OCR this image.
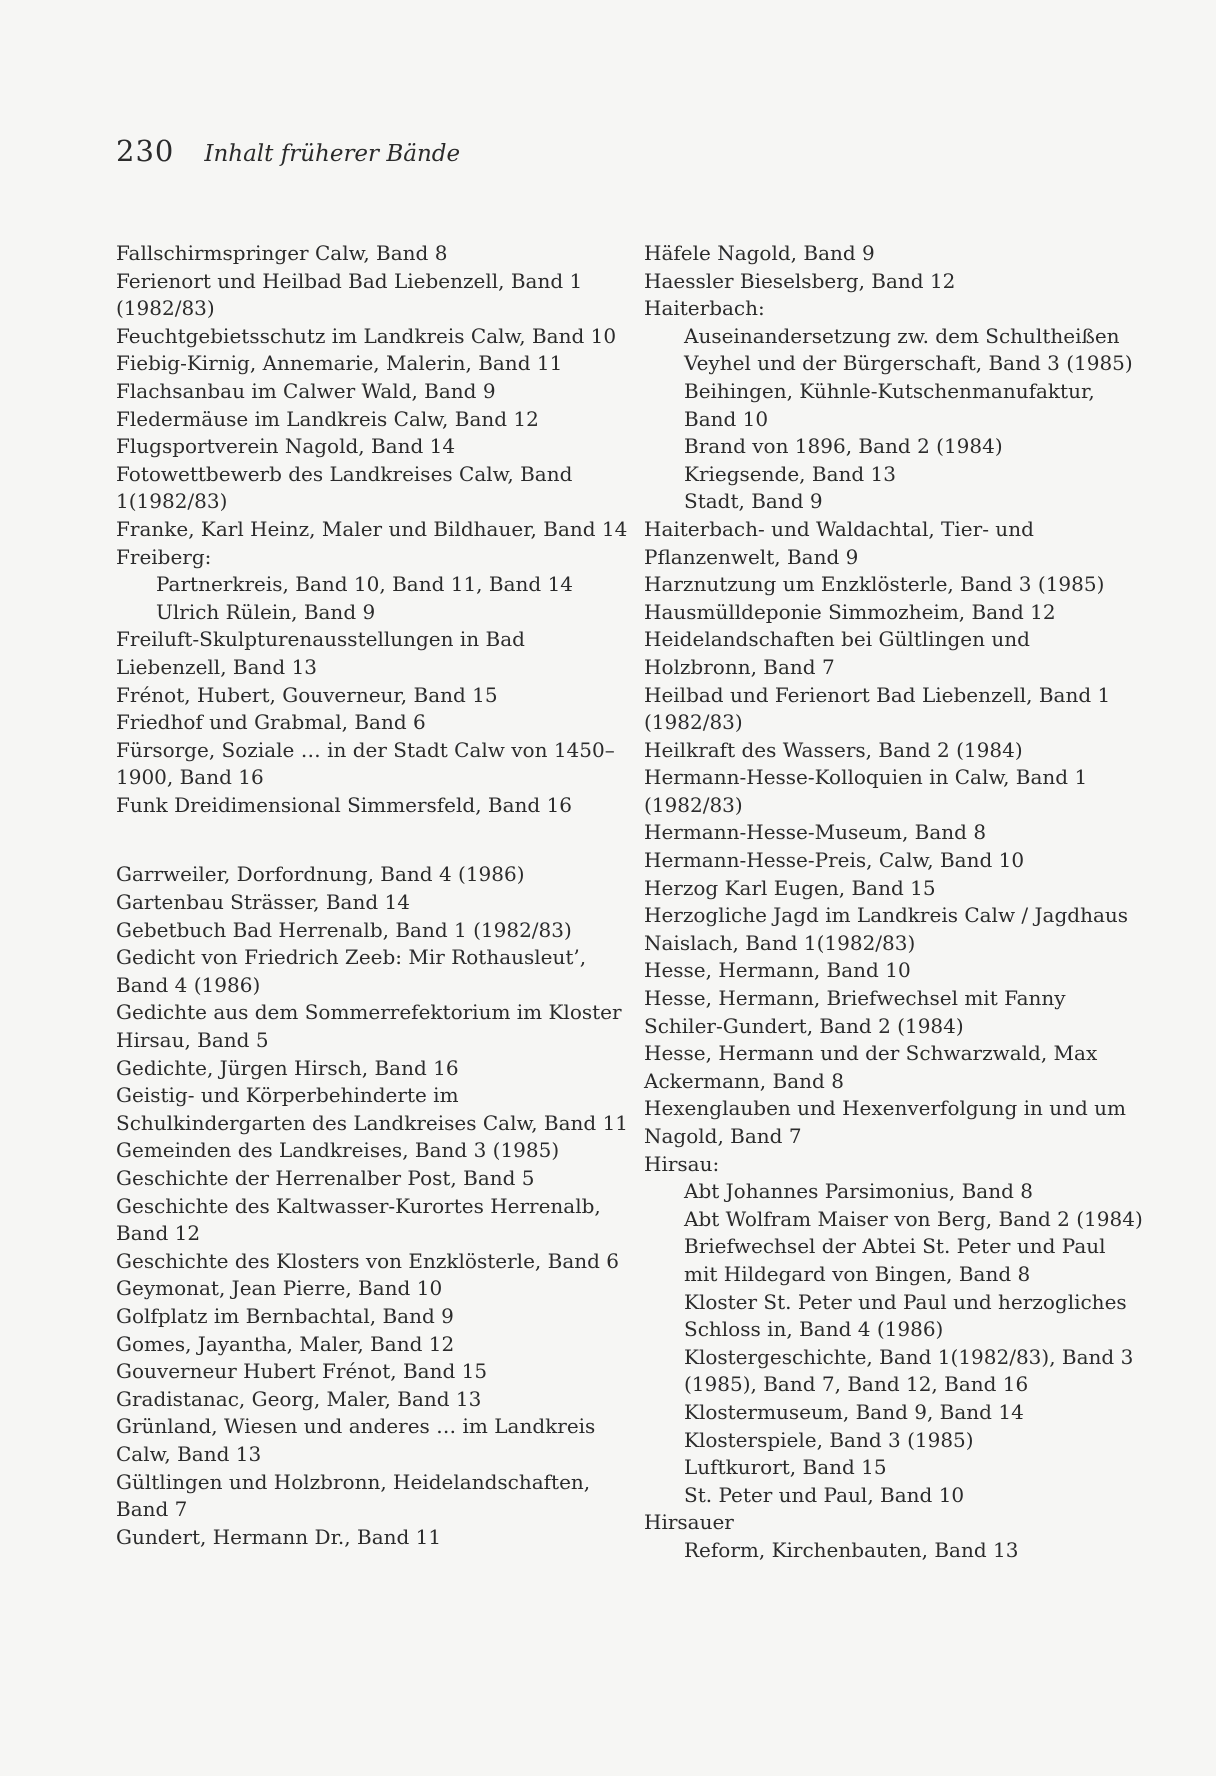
230 Inhalt früherer Bände

Fallschirmspringer Calw, Band 8

Ferienort und Heilbad Bad Liebenzell, Band 1 (1982/83)

Feuchtgebietsschutz im Landkreis Calw, Band 10

Fiebig-Kirnig, Annemarie, Malerin, Band 11

Flachsanbau im Calwer Wald, Band 9

Fledermäuse im Landkreis Calw, Band 12

Flugsportverein Nagold, Band 14

Fotowettbewerb des Landkreises Calw, Band 1(1982/83)

Franke, Karl Heinz, Maler und Bildhauer, Band 14

Freiberg:

Partnerkreis, Band 10, Band 11, Band 14

Ulrich Rülein, Band 9

Freiluft-Skulpturenausstellungen in Bad Liebenzell, Band 13

Frénot, Hubert, Gouverneur, Band 15

Friedhof und Grabmal, Band 6

Fürsorge, Soziale … in der Stadt Calw von 1450–1900, Band 16

Funk Dreidimensional Simmersfeld, Band 16

Garrweiler, Dorfordnung, Band 4 (1986)

Gartenbau Strässer, Band 14

Gebetbuch Bad Herrenalb, Band 1 (1982/83)

Gedicht von Friedrich Zeeb: Mir Rothausleut’, Band 4 (1986)

Gedichte aus dem Sommerrefektorium im Kloster Hirsau, Band 5

Gedichte, Jürgen Hirsch, Band 16

Geistig- und Körperbehinderte im Schulkindergarten des Landkreises Calw, Band 11

Gemeinden des Landkreises, Band 3 (1985)

Geschichte der Herrenalber Post, Band 5

Geschichte des Kaltwasser-Kurortes Herrenalb, Band 12

Geschichte des Klosters von Enzklösterle, Band 6

Geymonat, Jean Pierre, Band 10

Golfplatz im Bernbachtal, Band 9

Gomes, Jayantha, Maler, Band 12

Gouverneur Hubert Frénot, Band 15

Gradistanac, Georg, Maler, Band 13

Grünland, Wiesen und anderes … im Landkreis Calw, Band 13

Gültlingen und Holzbronn, Heidelandschaften, Band 7

Gundert, Hermann Dr., Band 11

Häfele Nagold, Band 9

Haessler Bieselsberg, Band 12

Haiterbach:

Auseinandersetzung zw. dem Schultheißen Veyhel und der Bürgerschaft, Band 3 (1985)

Beihingen, Kühnle-Kutschenmanufaktur, Band 10

Brand von 1896, Band 2 (1984)

Kriegsende, Band 13

Stadt, Band 9

Haiterbach- und Waldachtal, Tier- und Pflanzenwelt, Band 9

Harznutzung um Enzklösterle, Band 3 (1985)

Hausmülldeponie Simmozheim, Band 12

Heidelandschaften bei Gültlingen und Holzbronn, Band 7

Heilbad und Ferienort Bad Liebenzell, Band 1 (1982/83)

Heilkraft des Wassers, Band 2 (1984)

Hermann-Hesse-Kolloquien in Calw, Band 1 (1982/83)

Hermann-Hesse-Museum, Band 8

Hermann-Hesse-Preis, Calw, Band 10

Herzog Karl Eugen, Band 15

Herzogliche Jagd im Landkreis Calw / Jagdhaus Naislach, Band 1(1982/83)

Hesse, Hermann, Band 10

Hesse, Hermann, Briefwechsel mit Fanny Schiler-Gundert, Band 2 (1984)

Hesse, Hermann und der Schwarzwald, Max Ackermann, Band 8

Hexenglauben und Hexenverfolgung in und um Nagold, Band 7

Hirsau:

Abt Johannes Parsimonius, Band 8

Abt Wolfram Maiser von Berg, Band 2 (1984)

Briefwechsel der Abtei St. Peter und Paul mit Hildegard von Bingen, Band 8

Kloster St. Peter und Paul und herzogliches Schloss in, Band 4 (1986)

Klostergeschichte, Band 1(1982/83), Band 3 (1985), Band 7, Band 12, Band 16

Klostermuseum, Band 9, Band 14

Klosterspiele, Band 3 (1985)

Luftkurort, Band 15

St. Peter und Paul, Band 10

Hirsauer

Reform, Kirchenbauten, Band 13
